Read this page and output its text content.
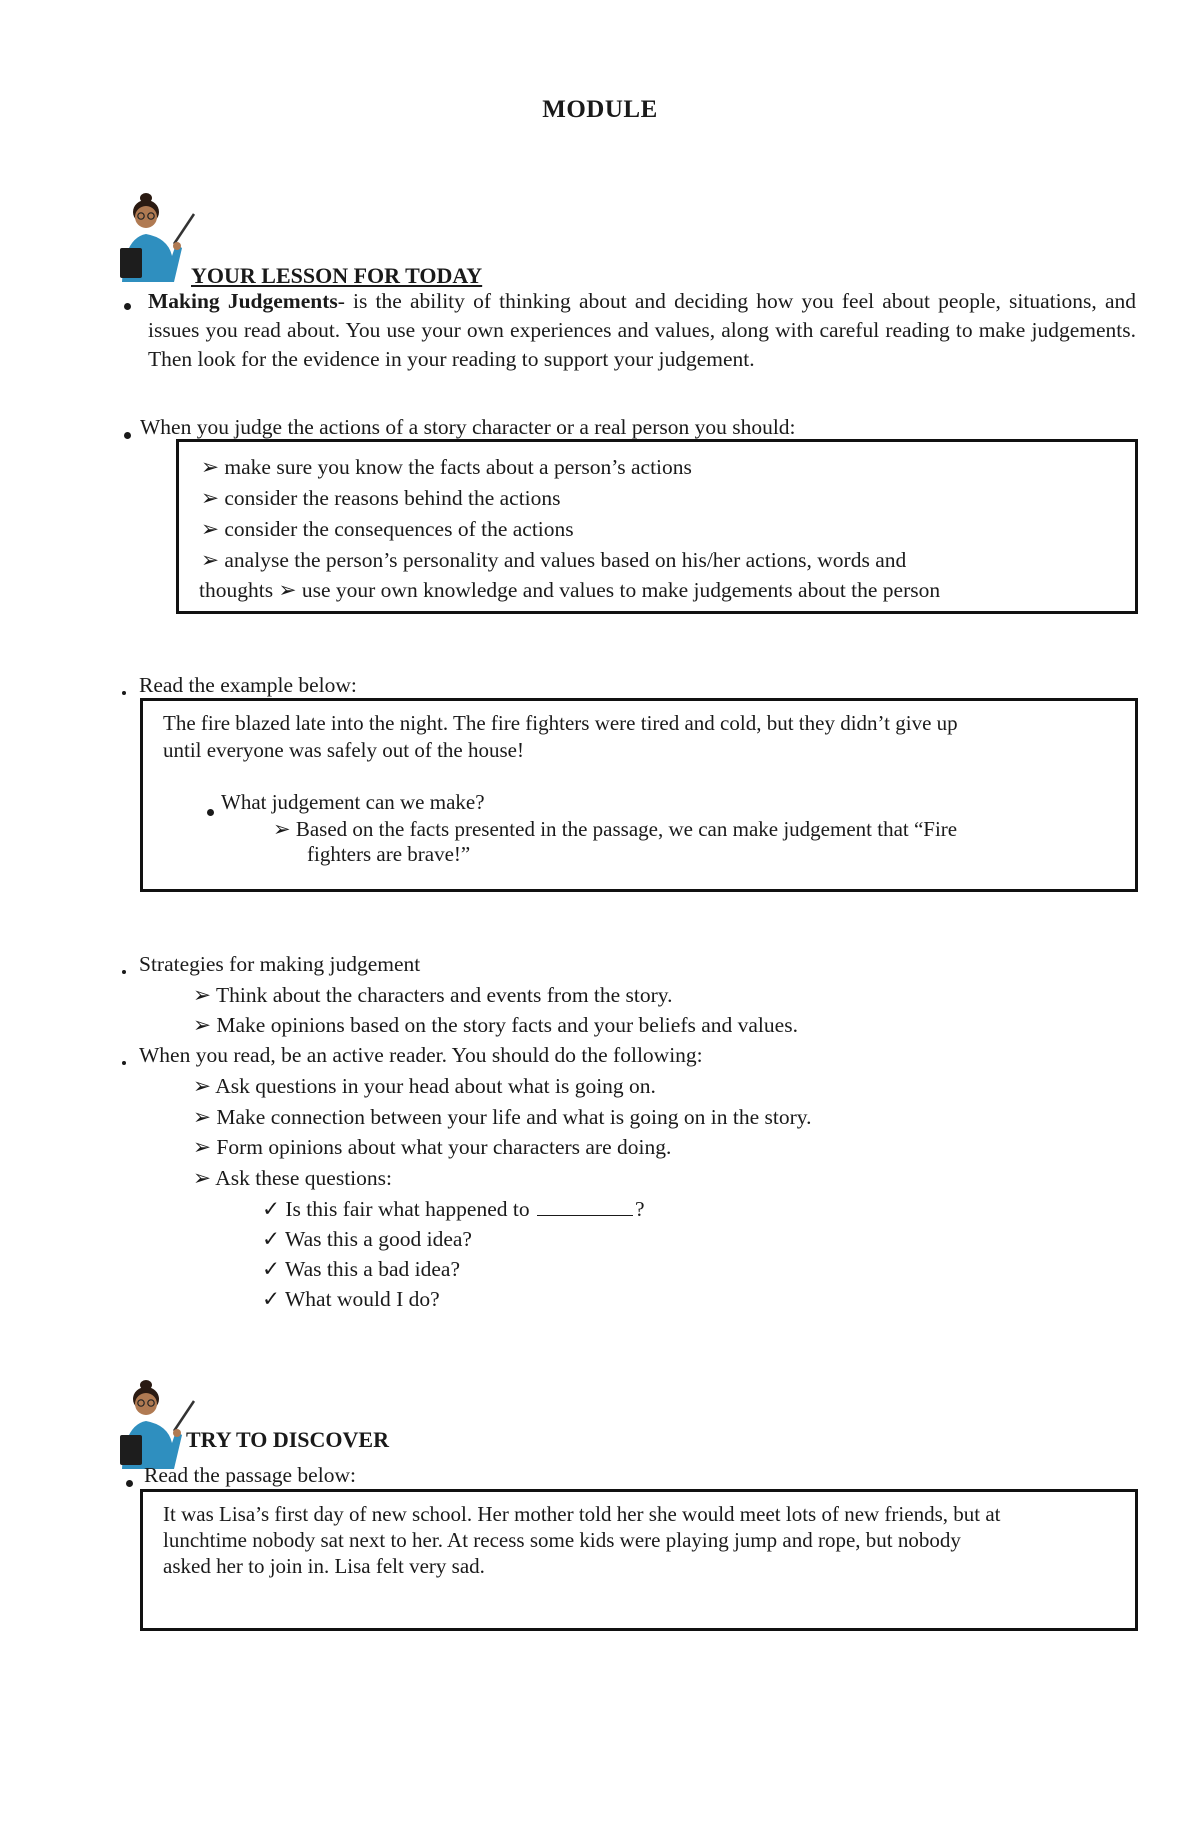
MODULE
YOUR LESSON FOR TODAY
Making Judgements- is the ability of thinking about and deciding how you feel about people, situations, and issues you read about. You use your own experiences and values, along with careful reading to make judgements. Then look for the evidence in your reading to support your judgement.
When you judge the actions of a story character or a real person you should:
➢ make sure you know the facts about a person’s actions
➢ consider the reasons behind the actions
➢ consider the consequences of the actions
➢ analyse the person’s personality and values based on his/her actions, words and
thoughts ➢ use your own knowledge and values to make judgements about the person
Read the example below:
The fire blazed late into the night. The fire fighters were tired and cold, but they didn’t give up
until everyone was safely out of the house!
What judgement can we make?
➢ Based on the facts presented in the passage, we can make judgement that “Fire
fighters are brave!”
Strategies for making judgement
➢ Think about the characters and events from the story.
➢ Make opinions based on the story facts and your beliefs and values.
When you read, be an active reader. You should do the following:
➢ Ask questions in your head about what is going on.
➢ Make connection between your life and what is going on in the story.
➢ Form opinions about what your characters are doing.
➢ Ask these questions:
✓ Is this fair what happened to	?
✓ Was this a good idea?
✓ Was this a bad idea?
✓ What would I do?
TRY TO DISCOVER
Read the passage below:
It was Lisa’s first day of new school. Her mother told her she would meet lots of new friends, but at
lunchtime nobody sat next to her. At recess some kids were playing jump and rope, but nobody
asked her to join in. Lisa felt very sad.
